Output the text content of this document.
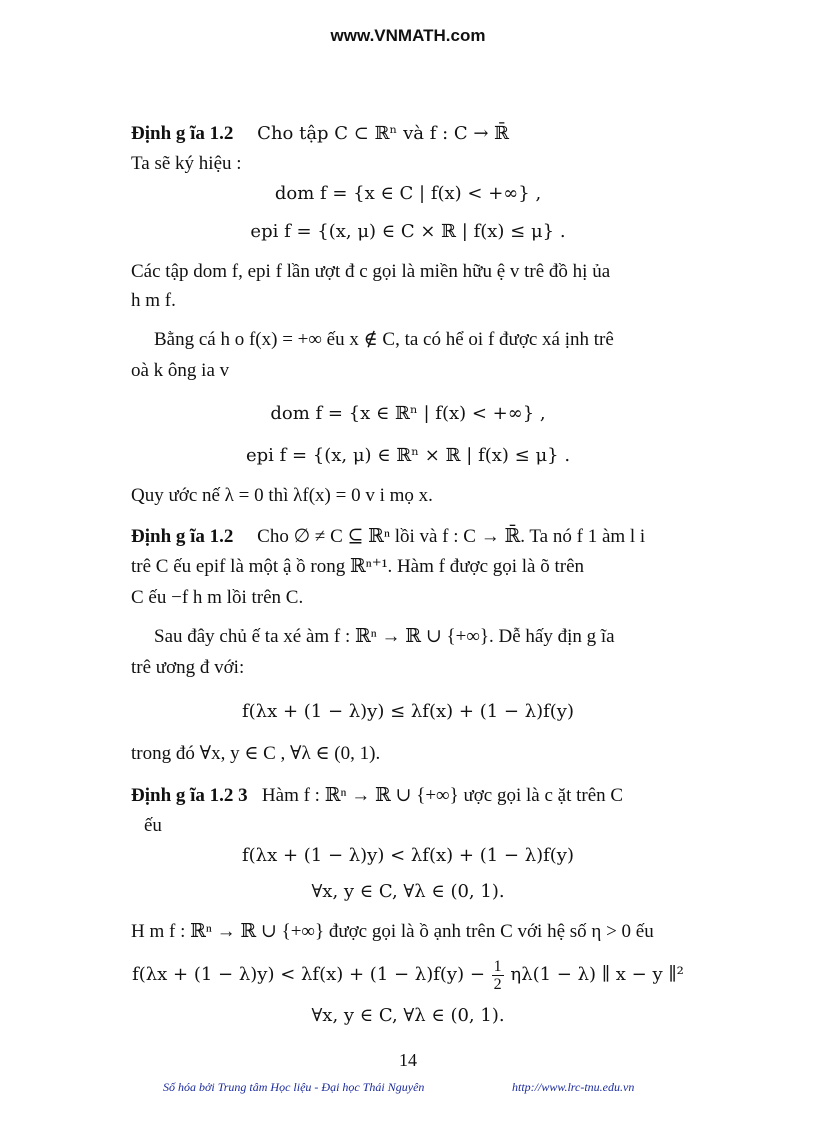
www.VNMATH.com
Định g ĩa 1.2 Cho tập C ⊂ ℝⁿ và f : C → ℝ̄
Ta sẽ ký hiệu :
dom f = {x ∈ C | f(x) < +∞} ,
epi f = {(x, μ) ∈ C × ℝ | f(x) ≤ μ} .
Các tập dom f, epi f lần ượt đ c gọi là miền hữu ệ v trê đồ hị ủa
h m f.
Bằng cá h o f(x) = +∞ ếu x ∉ C, ta có hể oi f được xá ịnh trê
oà k ông ia v
dom f = {x ∈ ℝⁿ | f(x) < +∞} ,
epi f = {(x, μ) ∈ ℝⁿ × ℝ | f(x) ≤ μ} .
Quy ước nế λ = 0 thì λf(x) = 0 v i mọ x.
Định g ĩa 1.2 Cho ∅ ≠ C ⊆ ℝⁿ lồi và f : C → ℝ̄. Ta nó f 1 àm l i
trê C ếu epif là một ậ ồ rong ℝⁿ⁺¹. Hàm f được gọi là õ trên
C ếu −f h m lồi trên C.
Sau đây chủ ế ta xé àm f : ℝⁿ → ℝ ∪ {+∞}. Dễ hấy địn g ĩa
trê ương đ với:
f(λx + (1 − λ)y) ≤ λf(x) + (1 − λ)f(y)
trong đó ∀x, y ∈ C , ∀λ ∈ (0, 1).
Định g ĩa 1.2 3 Hàm f : ℝⁿ → ℝ ∪ {+∞} ược gọi là c ặt trên C
ếu
f(λx + (1 − λ)y) < λf(x) + (1 − λ)f(y)
∀x, y ∈ C, ∀λ ∈ (0, 1).
H m f : ℝⁿ → ℝ ∪ {+∞} được gọi là ồ ạnh trên C với hệ số η > 0 ếu
$f(\lambda x + (1 - \lambda)y) < \lambda f(x) + (1 - \lambda)f(y) - \frac{1}{2} \eta\lambda(1 - \lambda)$ ∥ x − y ∥²
∀x, y ∈ C, ∀λ ∈ (0, 1).
14
Số hóa bởi Trung tâm Học liệu - Đại học Thái Nguyên	http://www.lrc-tnu.edu.vn
